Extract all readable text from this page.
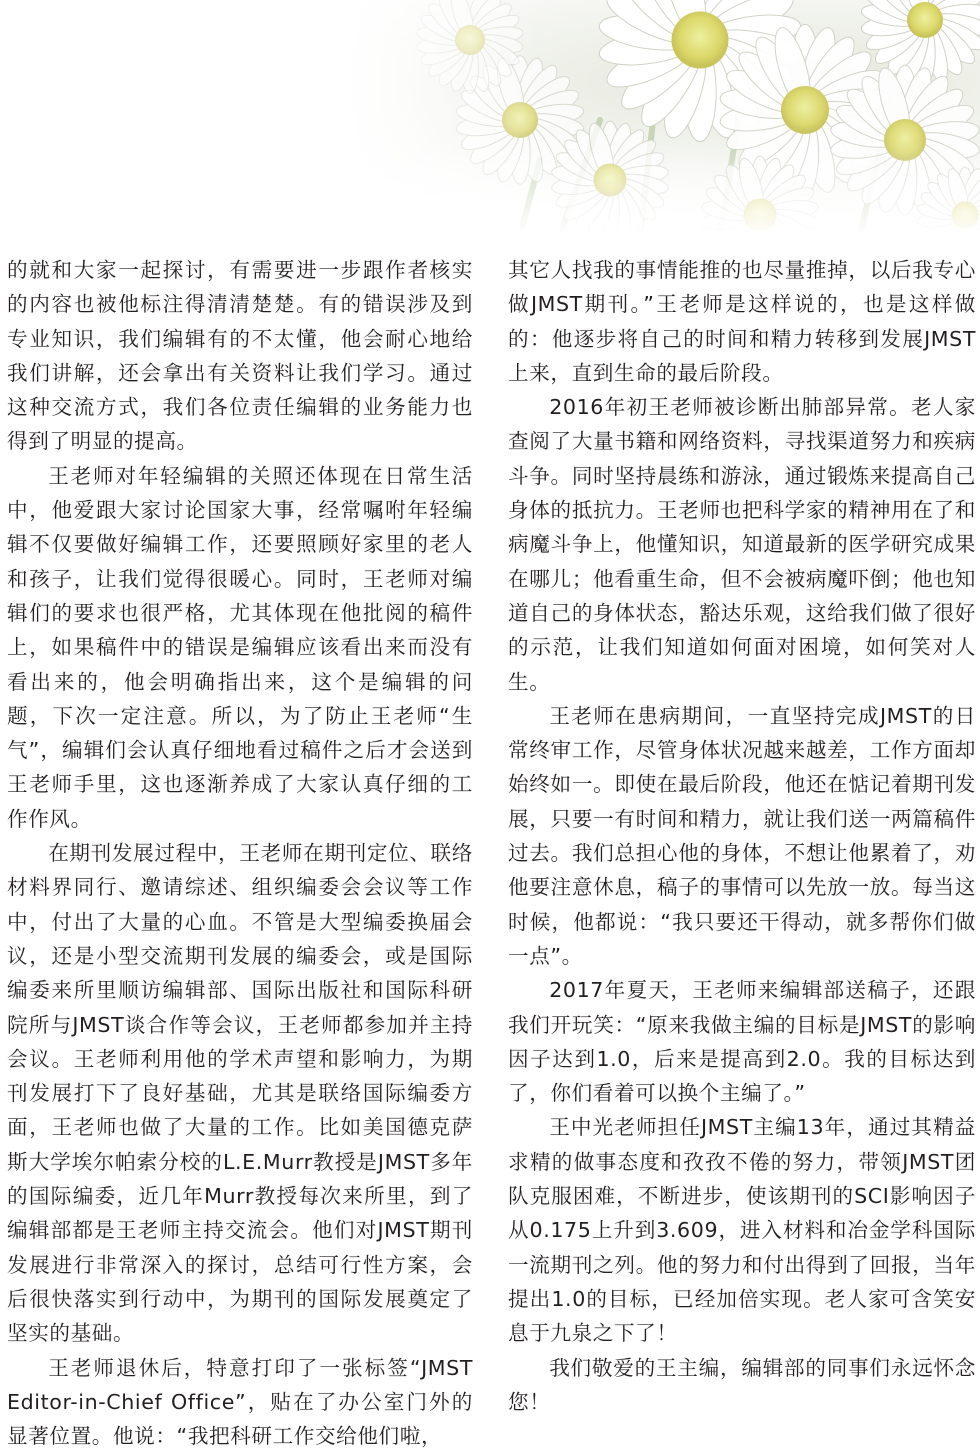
的就和大家一起探讨，有需要进一步跟作者核实的内容也被他标注得清清楚楚。有的错误涉及到专业知识，我们编辑有的不太懂，他会耐心地给我们讲解，还会拿出有关资料让我们学习。通过这种交流方式，我们各位责任编辑的业务能力也得到了明显的提高。

王老师对年轻编辑的关照还体现在日常生活中，他爱跟大家讨论国家大事，经常嘱咐年轻编辑不仅要做好编辑工作，还要照顾好家里的老人和孩子，让我们觉得很暖心。同时，王老师对编辑们的要求也很严格，尤其体现在他批阅的稿件上，如果稿件中的错误是编辑应该看出来而没有看出来的，他会明确指出来，这个是编辑的问题，下次一定注意。所以，为了防止王老师“生气”，编辑们会认真仔细地看过稿件之后才会送到王老师手里，这也逐渐养成了大家认真仔细的工作作风。

在期刊发展过程中，王老师在期刊定位、联络材料界同行、邀请综述、组织编委会会议等工作中，付出了大量的心血。不管是大型编委换届会议，还是小型交流期刊发展的编委会，或是国际编委来所里顺访编辑部、国际出版社和国际科研院所与JMST谈合作等会议，王老师都参加并主持会议。王老师利用他的学术声望和影响力，为期刊发展打下了良好基础，尤其是联络国际编委方面，王老师也做了大量的工作。比如美国德克萨斯大学埃尔帕索分校的L.E.Murr教授是JMST多年的国际编委，近几年Murr教授每次来所里，到了编辑部都是王老师主持交流会。他们对JMST期刊发展进行非常深入的探讨，总结可行性方案，会后很快落实到行动中，为期刊的国际发展奠定了坚实的基础。

王老师退休后，特意打印了一张标签“JMST Editor-in-Chief Office”，贴在了办公室门外的显著位置。他说：“我把科研工作交给他们啦，

其它人找我的事情能推的也尽量推掉，以后我专心做JMST期刊。”王老师是这样说的，也是这样做的：他逐步将自己的时间和精力转移到发展JMST上来，直到生命的最后阶段。

2016年初王老师被诊断出肺部异常。老人家查阅了大量书籍和网络资料，寻找渠道努力和疾病斗争。同时坚持晨练和游泳，通过锻炼来提高自己身体的抵抗力。王老师也把科学家的精神用在了和病魔斗争上，他懂知识，知道最新的医学研究成果在哪儿；他看重生命，但不会被病魔吓倒；他也知道自己的身体状态，豁达乐观，这给我们做了很好的示范，让我们知道如何面对困境，如何笑对人生。

王老师在患病期间，一直坚持完成JMST的日常终审工作，尽管身体状况越来越差，工作方面却始终如一。即使在最后阶段，他还在惦记着期刊发展，只要一有时间和精力，就让我们送一两篇稿件过去。我们总担心他的身体，不想让他累着了，劝他要注意休息，稿子的事情可以先放一放。每当这时候，他都说：“我只要还干得动，就多帮你们做一点”。

2017年夏天，王老师来编辑部送稿子，还跟我们开玩笑：“原来我做主编的目标是JMST的影响因子达到1.0，后来是提高到2.0。我的目标达到了，你们看着可以换个主编了。”

王中光老师担任JMST主编13年，通过其精益求精的做事态度和孜孜不倦的努力，带领JMST团队克服困难，不断进步，使该期刊的SCI影响因子从0.175上升到3.609，进入材料和冶金学科国际一流期刊之列。他的努力和付出得到了回报，当年提出1.0的目标，已经加倍实现。老人家可含笑安息于九泉之下了！

我们敬爱的王主编，编辑部的同事们永远怀念您！
